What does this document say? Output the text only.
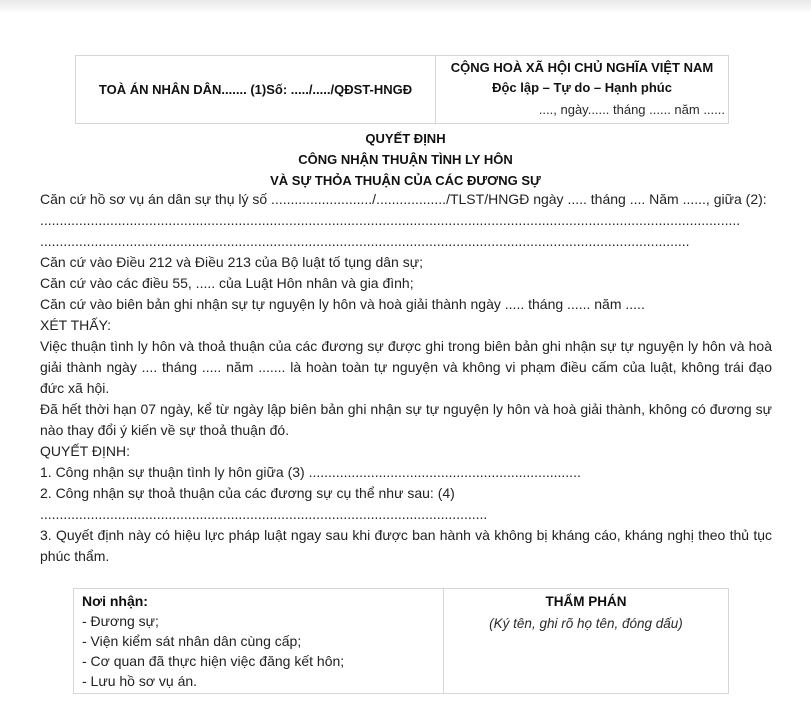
TOÀ ÁN NHÂN DÂN....... (1)Số: ...../...../QĐST-HNGĐ	
CỘNG HOÀ XÃ HỘI CHỦ NGHĨA VIỆT NAM
Độc lập – Tự do – Hạnh phúc
...., ngày...... tháng ...... năm ......
QUYẾT ĐỊNH
CÔNG NHẬN THUẬN TÌNH LY HÔN
VÀ SỰ THỎA THUẬN CỦA CÁC ĐƯƠNG SỰ

Căn cứ hồ sơ vụ án dân sự thụ lý số ........................../................../TLST/HNGĐ ngày ..... tháng .... Năm ......, giữa (2):

....................................................................................................................................................................................

.......................................................................................................................................................................

Căn cứ vào Điều 212 và Điều 213 của Bộ luật tố tụng dân sự;

Căn cứ vào các điều 55, ..... của Luật Hôn nhân và gia đình;

Căn cứ vào biên bản ghi nhận sự tự nguyện ly hôn và hoà giải thành ngày ..... tháng ...... năm .....

XÉT THẤY:

Việc thuận tình ly hôn và thoả thuận của các đương sự được ghi trong biên bản ghi nhận sự tự nguyện ly hôn và hoà giải thành ngày .... tháng ..... năm ....... là hoàn toàn tự nguyện và không vi phạm điều cấm của luật, không trái đạo đức xã hội.

Đã hết thời hạn 07 ngày, kể từ ngày lập biên bản ghi nhận sự tự nguyện ly hôn và hoà giải thành, không có đương sự nào thay đổi ý kiến về sự thoả thuận đó.

QUYẾT ĐỊNH:

1. Công nhận sự thuận tình ly hôn giữa (3) ......................................................................

2. Công nhận sự thoả thuận của các đương sự cụ thể như sau: (4)

...................................................................................................................

3. Quyết định này có hiệu lực pháp luật ngay sau khi được ban hành và không bị kháng cáo, kháng nghị theo thủ tục phúc thẩm.

Nơi nhận:
- Đương sự;
- Viện kiểm sát nhân dân cùng cấp;
- Cơ quan đã thực hiện việc đăng kết hôn;
- Lưu hồ sơ vụ án.

THẨM PHÁN
(Ký tên, ghi rõ họ tên, đóng dấu)
